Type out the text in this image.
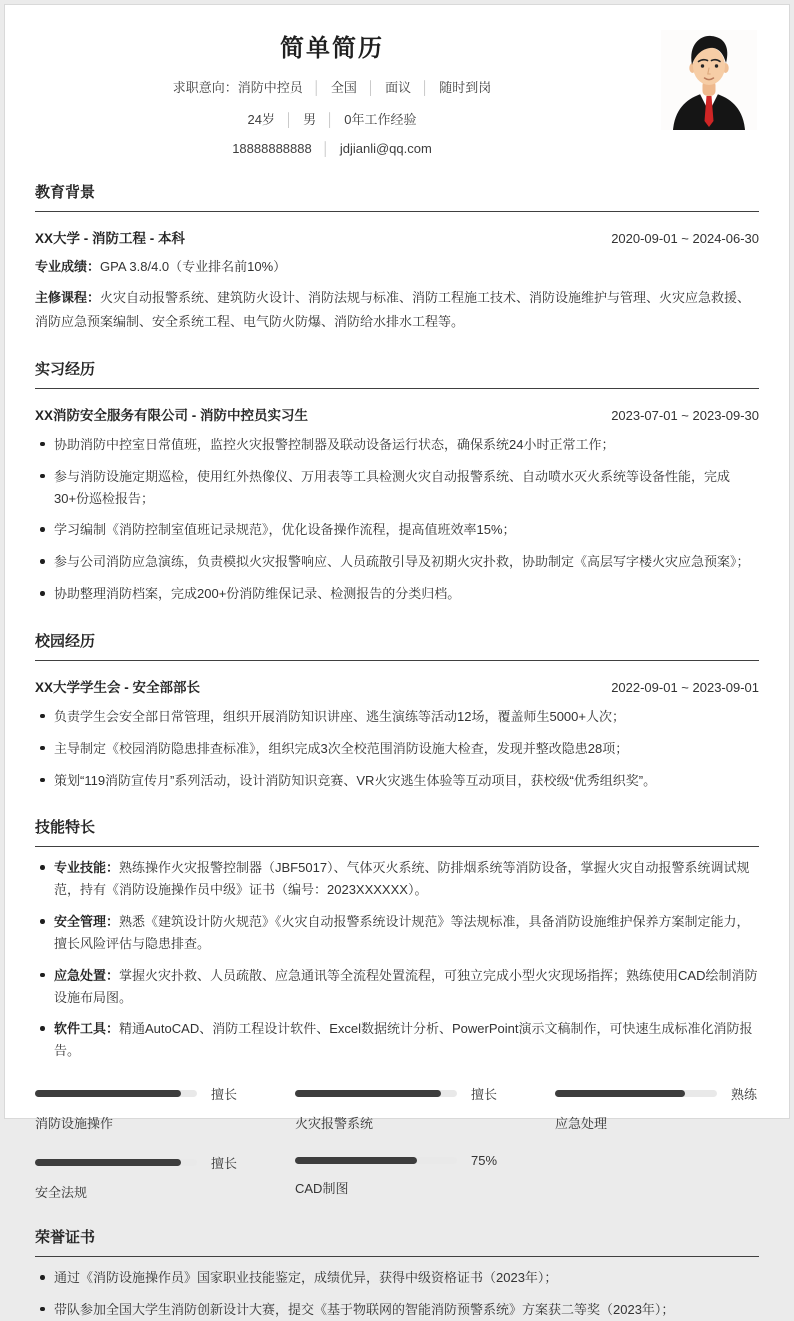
简单简历
求职意向：消防中控员 │ 全国 │ 面议 │ 随时到岗
24岁 │ 男 │ 0年工作经验
18888888888 │ jdjianli@qq.com
教育背景
XX大学 - 消防工程 - 本科	2020-09-01 ~ 2024-06-30

专业成绩：GPA 3.8/4.0（专业排名前10%）

主修课程：火灾自动报警系统、建筑防火设计、消防法规与标准、消防工程施工技术、消防设施维护与管理、火灾应急救援、消防应急预案编制、安全系统工程、电气防火防爆、消防给水排水工程等。

实习经历
XX消防安全服务有限公司 - 消防中控员实习生	2023-07-01 ~ 2023-09-30
协助消防中控室日常值班，监控火灾报警控制器及联动设备运行状态，确保系统24小时正常工作；
参与消防设施定期巡检，使用红外热像仪、万用表等工具检测火灾自动报警系统、自动喷水灭火系统等设备性能，完成30+份巡检报告；
学习编制《消防控制室值班记录规范》，优化设备操作流程，提高值班效率15%；
参与公司消防应急演练，负责模拟火灾报警响应、人员疏散引导及初期火灾扑救，协助制定《高层写字楼火灾应急预案》；
协助整理消防档案，完成200+份消防维保记录、检测报告的分类归档。
校园经历
XX大学学生会 - 安全部部长	2022-09-01 ~ 2023-09-01
负责学生会安全部日常管理，组织开展消防知识讲座、逃生演练等活动12场，覆盖师生5000+人次；
主导制定《校园消防隐患排查标准》，组织完成3次全校范围消防设施大检查，发现并整改隐患28项；
策划“119消防宣传月”系列活动，设计消防知识竞赛、VR火灾逃生体验等互动项目，获校级“优秀组织奖”。
技能特长
专业技能：熟练操作火灾报警控制器（JBF5017）、气体灭火系统、防排烟系统等消防设备，掌握火灾自动报警系统调试规范，持有《消防设施操作员中级》证书（编号：2023XXXXXX）。
安全管理：熟悉《建筑设计防火规范》《火灾自动报警系统设计规范》等法规标准，具备消防设施维护保养方案制定能力，擅长风险评估与隐患排查。
应急处置：掌握火灾扑救、人员疏散、应急通讯等全流程处置流程，可独立完成小型火灾现场指挥；熟练使用CAD绘制消防设施布局图。
软件工具：精通AutoCAD、消防工程设计软件、Excel数据统计分析、PowerPoint演示文稿制作，可快速生成标准化消防报告。
擅长
消防设施操作
擅长
火灾报警系统
熟练
应急处理
擅长
安全法规
75%
CAD制图
荣誉证书
通过《消防设施操作员》国家职业技能鉴定，成绩优异，获得中级资格证书（2023年）；
带队参加全国大学生消防创新设计大赛，提交《基于物联网的智能消防预警系统》方案获二等奖（2023年）；
